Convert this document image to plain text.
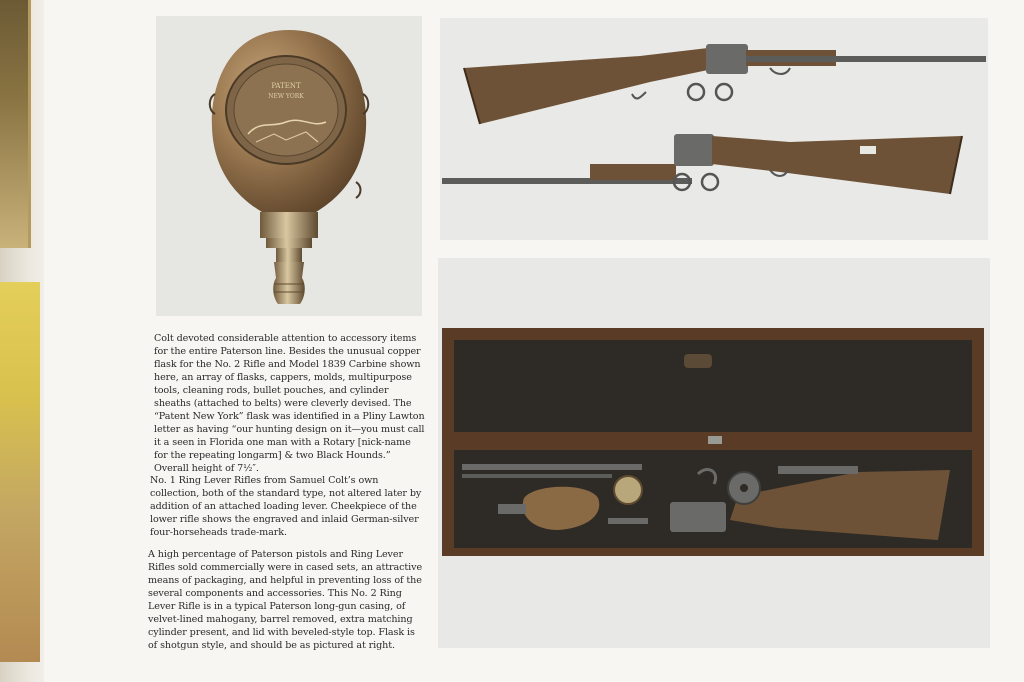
PATENT
NEW YORK
Colt devoted considerable attention to accessory items for the entire Paterson line. Besides the unusual copper flask for the No. 2 Rifle and Model 1839 Carbine shown here, an array of flasks, cappers, molds, multipurpose tools, cleaning rods, bullet pouches, and cylinder sheaths (attached to belts) were cleverly devised. The “Patent New York” flask was identified in a Pliny Lawton letter as having “our hunting design on it—you must call it a seen in Florida one man with a Rotary [nick-name for the repeating longarm] & two Black Hounds.” Overall height of 7½″.
No. 1 Ring Lever Rifles from Samuel Colt’s own collection, both of the standard type, not altered later by addition of an attached loading lever. Cheekpiece of the lower rifle shows the engraved and inlaid German-silver four-horseheads trade-mark.
A high percentage of Paterson pistols and Ring Lever Rifles sold commercially were in cased sets, an attractive means of packaging, and helpful in preventing loss of the several components and accessories. This No. 2 Ring Lever Rifle is in a typical Paterson long-gun casing, of velvet-lined mahogany, barrel removed, extra matching cylinder present, and lid with beveled-style top. Flask is of shotgun style, and should be as pictured at right.
